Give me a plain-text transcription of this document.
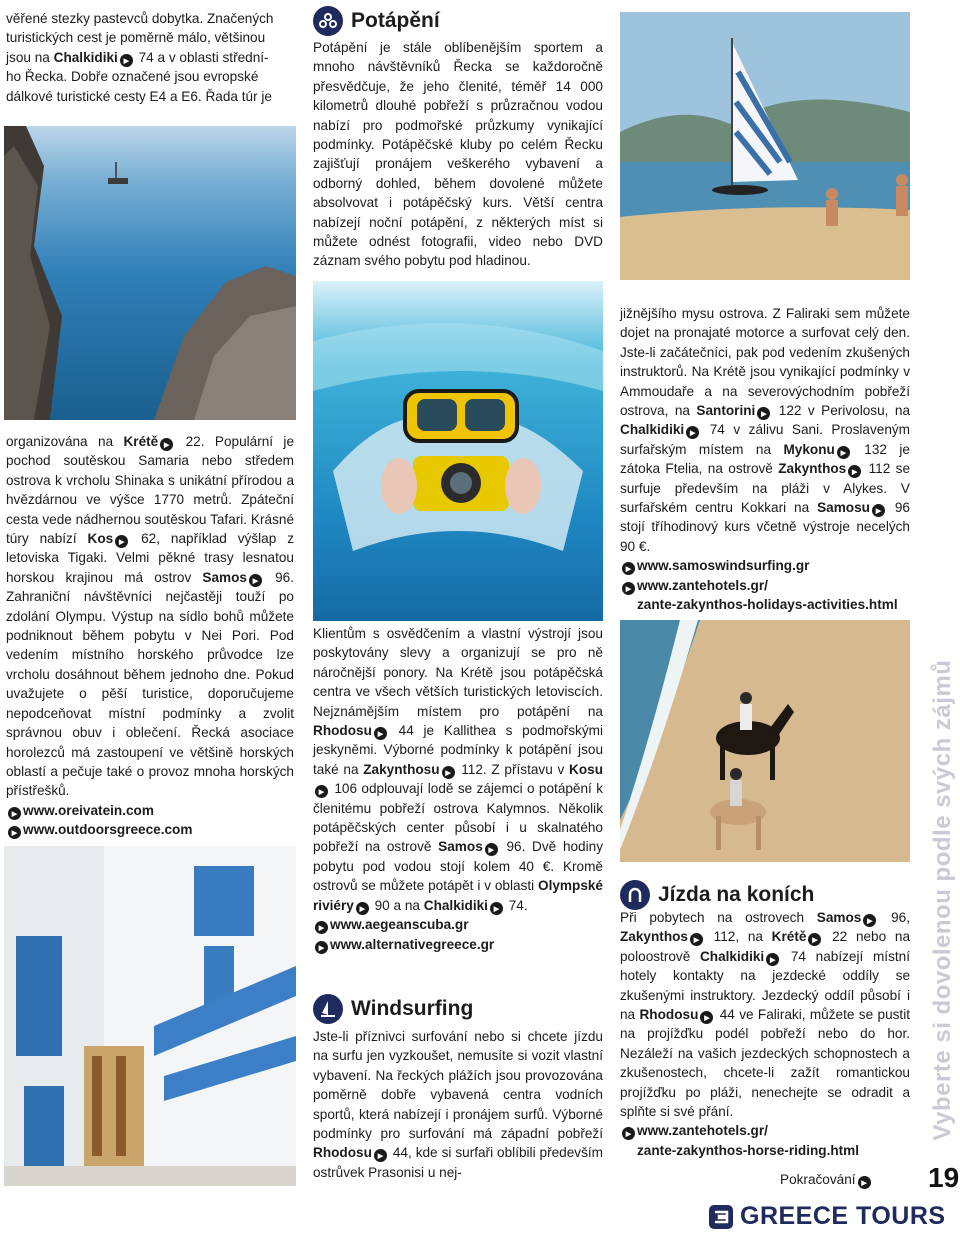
věřené stezky pastevců dobytka. Značených
turistických cest je poměrně málo, většinou
jsou na Chalkidiki▶ 74 a v oblasti střední-
ho Řecka. Dobře označené jsou evropské
dálkové turistické cesty E4 a E6. Řada túr je

organizována na Krétě▶ 22. Populární je pochod soutěskou Samaria nebo středem ostrova k vrcholu Shinaka s unikátní přírodou a hvězdárnou ve výšce 1770 metrů. Zpáteční cesta vede nádhernou soutěskou Tafari. Krásné túry nabízí Kos▶ 62, například výšlap z letoviska Tigaki. Velmi pěkné trasy lesnatou horskou krajinou má ostrov Samos▶ 96. Zahraniční návštěvníci nejčastěji touží po zdolání Olympu. Výstup na sídlo bohů můžete podniknout během pobytu v Nei Pori. Pod vedením místního horského průvodce lze vrcholu dosáhnout během jednoho dne. Pokud uvažujete o pěší turistice, doporučujeme nepodceňovat místní podmínky a zvolit správnou obuv i oblečení. Řecká asociace horolezců má zastoupení ve většině horských oblastí a pečuje také o provoz mnoha horských přístřešků.

▶www.oreivatein.com

▶www.outdoorsgreece.com

Potápění

Potápění je stále oblíbenějším sportem a mnoho návštěvníků Řecka se každoročně přesvědčuje, že jeho členité, téměř 14 000 kilometrů dlouhé pobřeží s průzračnou vodou nabízí pro podmořské průzkumy vynikající podmínky. Potápěčské kluby po celém Řecku zajišťují pronájem veškerého vybavení a odborný dohled, během dovolené můžete absolvovat i potápěčský kurs. Větší centra nabízejí noční potápění, z některých míst si můžete odnést fotografii, video nebo DVD záznam svého pobytu pod hladinou.

Klientům s osvědčením a vlastní výstrojí jsou poskytovány slevy a organizují se pro ně náročnější ponory. Na Krétě jsou potápěčská centra ve všech větších turistických letoviscích. Nejznámějším místem pro potápění na Rhodosu▶ 44 je Kallithea s podmořskými jeskyněmi. Výborné podmínky k potápění jsou také na Zakynthosu▶ 112. Z přístavu v Kosu▶ 106 odplouvají lodě se zájemci o potápění k členitému pobřeží ostrova Kalymnos. Několik potápěčských center působí i u skalnatého pobřeží na ostrově Samos▶ 96. Dvě hodiny pobytu pod vodou stojí kolem 40 €. Kromě ostrovů se můžete potápět i v oblasti Olympské riviéry▶ 90 a na Chalkidiki▶ 74.

▶www.aegeanscuba.gr

▶www.alternativegreece.gr

Windsurfing

Jste-li příznivci surfování nebo si chcete jízdu na surfu jen vyzkoušet, nemusíte si vozit vlastní vybavení. Na řeckých plážích jsou provozována poměrně dobře vybavená centra vodních sportů, která nabízejí i pronájem surfů. Výborné podmínky pro surfování má západní pobřeží Rhodosu▶ 44, kde si surfaři oblíbili především ostrůvek Prasonisi u nej-

jižnějšího mysu ostrova. Z Faliraki sem můžete dojet na pronajaté motorce a surfovat celý den. Jste-li začátečníci, pak pod vedením zkušených instruktorů. Na Krétě jsou vynikající podmínky v Ammoudaře a na severovýchodním pobřeží ostrova, na Santorini▶ 122 v Perivolosu, na Chalkidiki▶ 74 v zálivu Sani. Proslaveným surfařským místem na Mykonu▶ 132 je zátoka Ftelia, na ostrově Zakynthos▶ 112 se surfuje především na pláži v Alykes. V surfařském centru Kokkari na Samosu▶ 96 stojí tříhodinový kurs včetně výstroje necelých 90 €.

▶www.samoswindsurfing.gr

▶www.zantehotels.gr/
zante-zakynthos-holidays-activities.html

Jízda na koních

Při pobytech na ostrovech Samos▶ 96, Zakynthos▶ 112, na Krétě▶ 22 nebo na poloostrově Chalkidiki▶ 74 nabízejí místní hotely kontakty na jezdecké oddíly se zkušenými instruktory. Jezdecký oddíl působí i na Rhodosu▶ 44 ve Faliraki, můžete se pustit na projížďku podél pobřeží nebo do hor. Nezáleží na vašich jezdeckých schopnostech a zkušenostech, chcete-li zažít romantickou projížďku po pláži, nenechejte se odradit a splňte si své přání.

▶www.zantehotels.gr/
zante-zakynthos-horse-riding.html

Pokračování▶
GREECE TOURS
Vyberte si dovolenou podle svých zájmů
19
